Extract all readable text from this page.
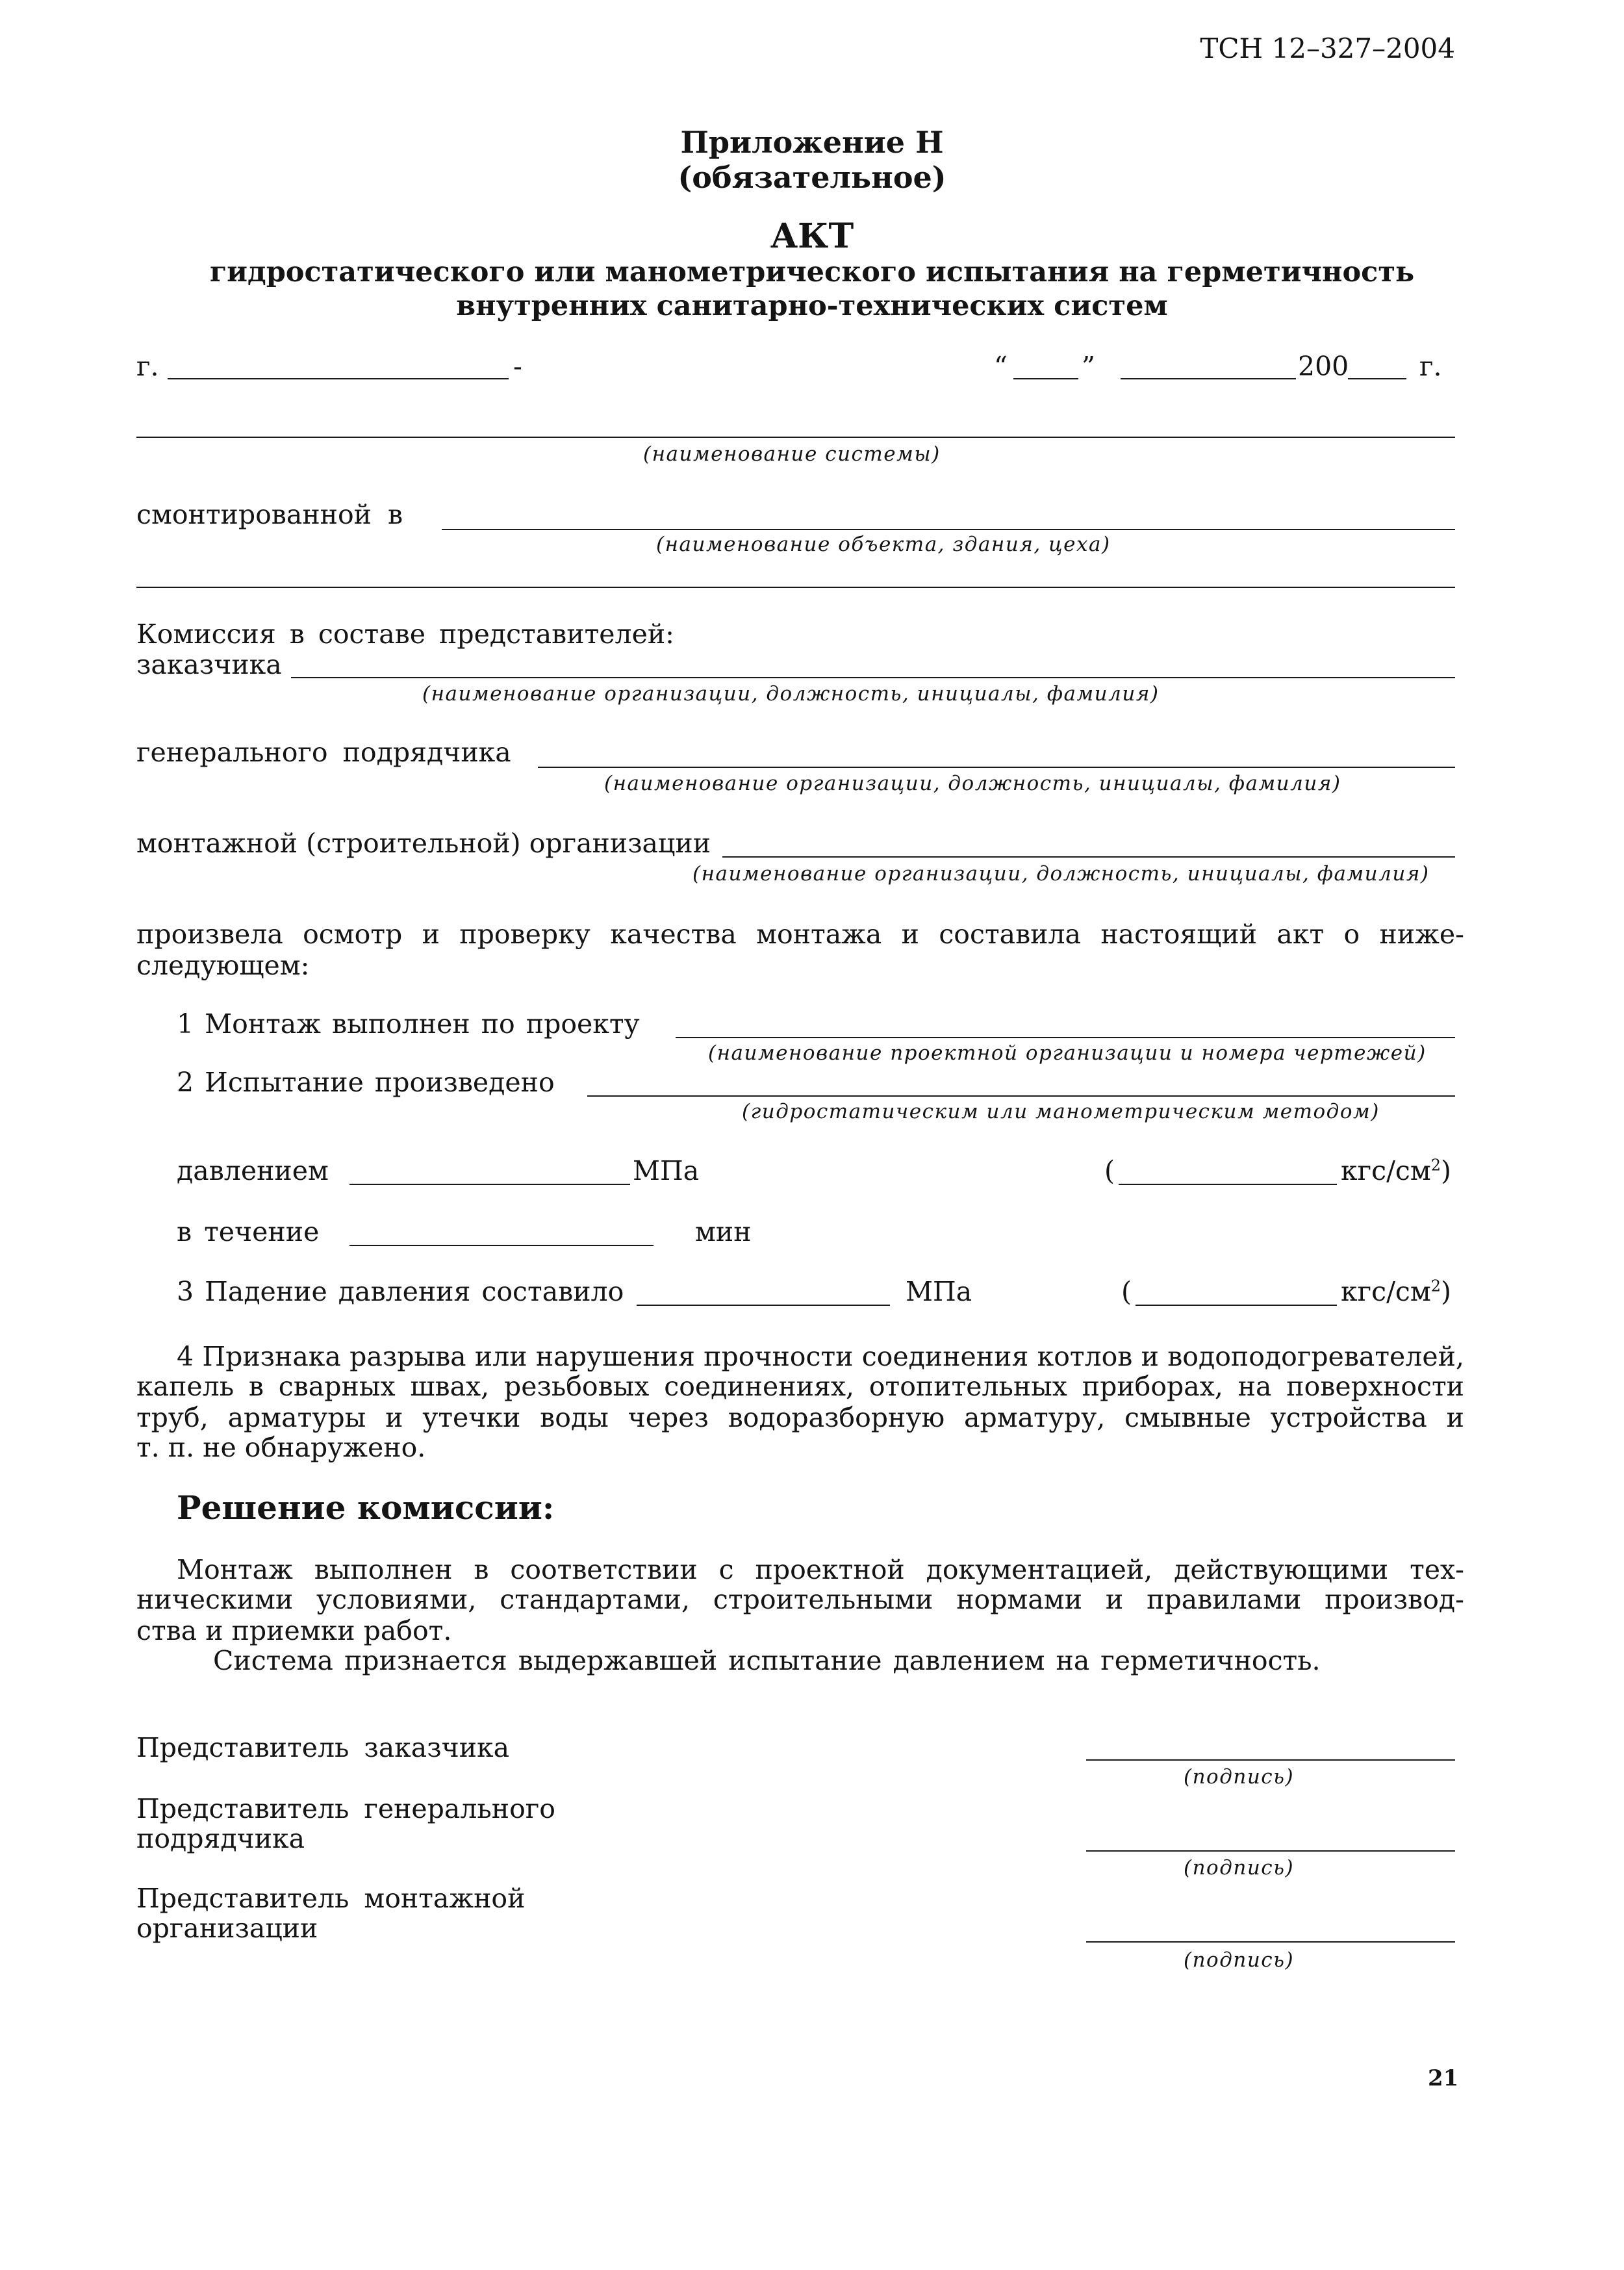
ТСН 12–327–2004
Приложение Н
(обязательное)
АКТ
гидростатического или манометрического испытания на герметичность
внутренних санитарно-технических систем
г.	-	“	”	200	г.
(наименование системы)
смонтированной в
(наименование объекта, здания, цеха)
Комиссия в составе представителей:
заказчика
(наименование организации, должность, инициалы, фамилия)
генерального подрядчика
(наименование организации, должность, инициалы, фамилия)
монтажной (строительной) организации
(наименование организации, должность, инициалы, фамилия)
произвела осмотр и проверку качества монтажа и составила настоящий акт о ниже-
следующем:
1 Монтаж выполнен по проекту
(наименование проектной организации и номера чертежей)
2 Испытание произведено
(гидростатическим или манометрическим методом)
давлением	МПа	(	кгс/$см^2$)
в течение	мин
3 Падение давления составило	МПа	(	кгс/$см^2$)
4 Признака разрыва или нарушения прочности соединения котлов и водоподогревателей,
капель в сварных швах, резьбовых соединениях, отопительных приборах, на поверхности
труб, арматуры и утечки воды через водоразборную арматуру, смывные устройства и
т. п. не обнаружено.
Решение комиссии:
Монтаж выполнен в соответствии с проектной документацией, действующими тех-
ническими условиями, стандартами, строительными нормами и правилами производ-
ства и приемки работ.
Система признается выдержавшей испытание давлением на герметичность.
Представитель заказчика
(подпись)
Представитель генерального
подрядчика
(подпись)
Представитель монтажной
организации
(подпись)
21
